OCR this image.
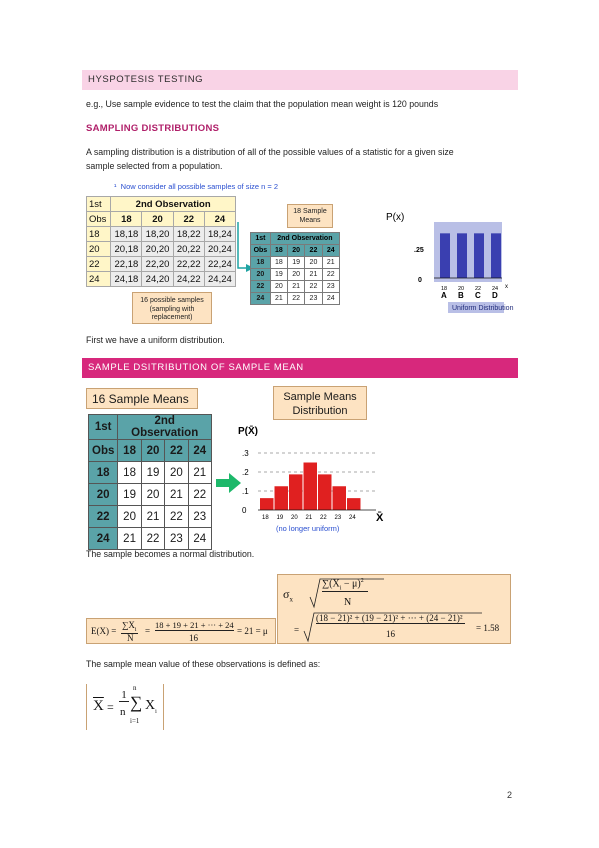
HYSPOTESIS TESTING
e.g., Use sample evidence to test the claim that the population mean weight is 120 pounds
SAMPLING DISTRIBUTIONS
A sampling distribution is a distribution of all of the possible values of a statistic for a given size
sample selected from a population.
¹ Now consider all possible samples of size n = 2
1st	2nd Observation			
Obs	18	20	22	24
18	18,18	18,20	18,22	18,24
20	20,18	20,20	20,22	20,24
22	22,18	22,20	22,22	22,24
24	24,18	24,20	24,22	24,24
16 possible samples (sampling with replacement)
18 Sample Means
1st	2nd Observation			
Obs	18	20	22	24
18	18	19	20	21
20	19	20	21	22
22	20	21	22	23
24	21	22	23	24
P(x)
.25
0
18
A
20
B
22
C
24
D
x
Uniform Distribution
First we have a uniform distribution.
SAMPLE DSITRIBUTION OF SAMPLE MEAN
16 Sample Means	Sample Means
Distribution
1st	2nd Observation			
Obs	18	20	22	24
18	18	19	20	21
20	19	20	21	22
22	20	21	22	23
24	21	22	23	24
P(X̄)
.3
.2
.1
0
18 19 20 21 22 23 24 X̄
(no longer uniform)
The sample becomes a normal distribution.
E(X) =
$\sum X_i$
N
=
18 + 19 + 21 + ··· + 24
16
= 21 = μ
$\sigma_x$
$\sum(X_i - \mu)^2$
N
=
(18 − 21)² + (19 − 21)² + ··· + (24 − 21)²
16
= 1.58
The sample mean value of these observations is defined as:
$\overline{X}$ =
1
n
n
∑
i=1
$X_i$
2
